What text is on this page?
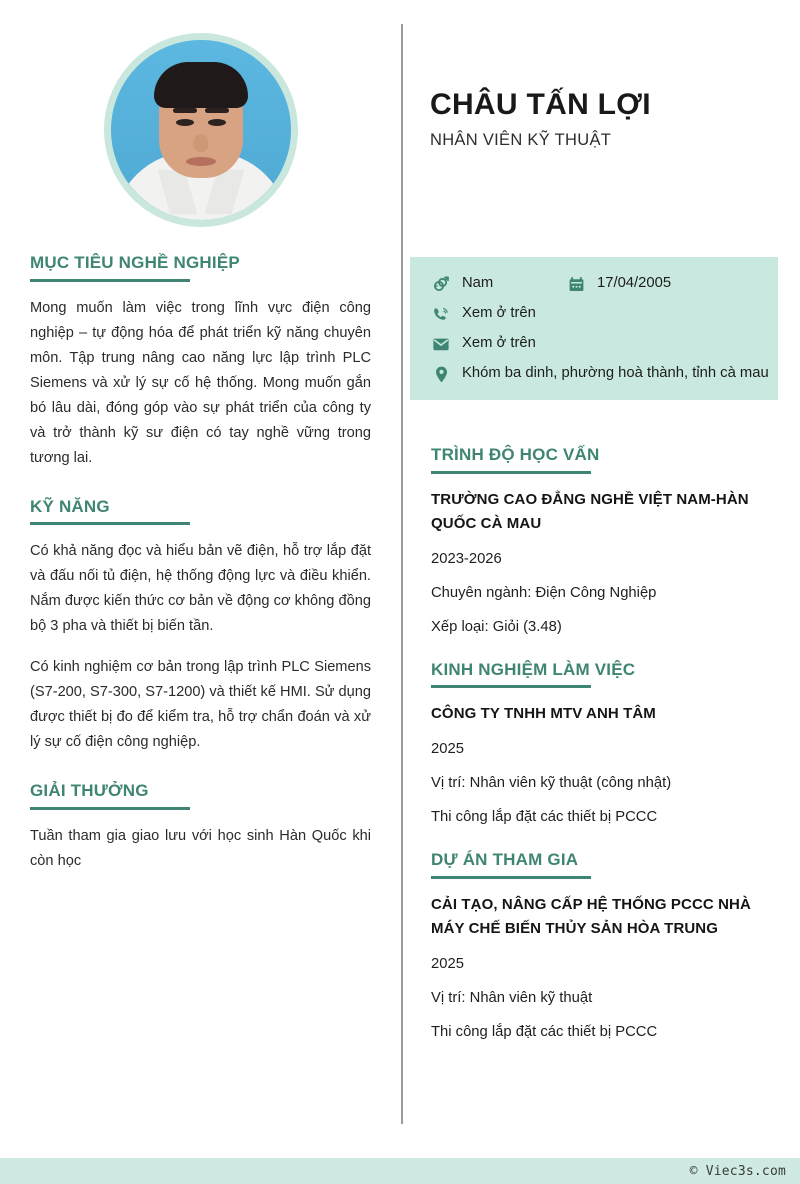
MỤC TIÊU NGHỀ NGHIỆP

Mong muốn làm việc trong lĩnh vực điện công nghiệp – tự động hóa để phát triển kỹ năng chuyên môn. Tập trung nâng cao năng lực lập trình PLC Siemens và xử lý sự cố hệ thống. Mong muốn gắn bó lâu dài, đóng góp vào sự phát triển của công ty và trở thành kỹ sư điện có tay nghề vững trong tương lai.

KỸ NĂNG

Có khả năng đọc và hiểu bản vẽ điện, hỗ trợ lắp đặt và đấu nối tủ điện, hệ thống động lực và điều khiển. Nắm được kiến thức cơ bản về động cơ không đồng bộ 3 pha và thiết bị biến tần.

Có kinh nghiệm cơ bản trong lập trình PLC Siemens (S7-200, S7-300, S7-1200) và thiết kế HMI. Sử dụng được thiết bị đo để kiểm tra, hỗ trợ chẩn đoán và xử lý sự cố điện công nghiệp.

GIẢI THƯỞNG

Tuần tham gia giao lưu với học sinh Hàn Quốc khi còn học

CHÂU TẤN LỢI
NHÂN VIÊN KỸ THUẬT
Nam	17/04/2005
Xem ở trên
Xem ở trên
Khóm ba dinh, phường hoà thành, tỉnh cà mau
TRÌNH ĐỘ HỌC VẤN
TRƯỜNG CAO ĐẲNG NGHỀ VIỆT NAM-HÀN QUỐC CÀ MAU
2023-2026
Chuyên ngành: Điện Công Nghiệp
Xếp loại: Giỏi (3.48)
KINH NGHIỆM LÀM VIỆC
CÔNG TY TNHH MTV ANH TÂM
2025
Vị trí: Nhân viên kỹ thuật (công nhật)
Thi công lắp đặt các thiết bị PCCC
DỰ ÁN THAM GIA
CẢI TẠO, NÂNG CẤP HỆ THỐNG PCCC NHÀ MÁY CHẾ BIẾN THỦY SẢN HÒA TRUNG
2025
Vị trí: Nhân viên kỹ thuật
Thi công lắp đặt các thiết bị PCCC
© Viec3s.com
